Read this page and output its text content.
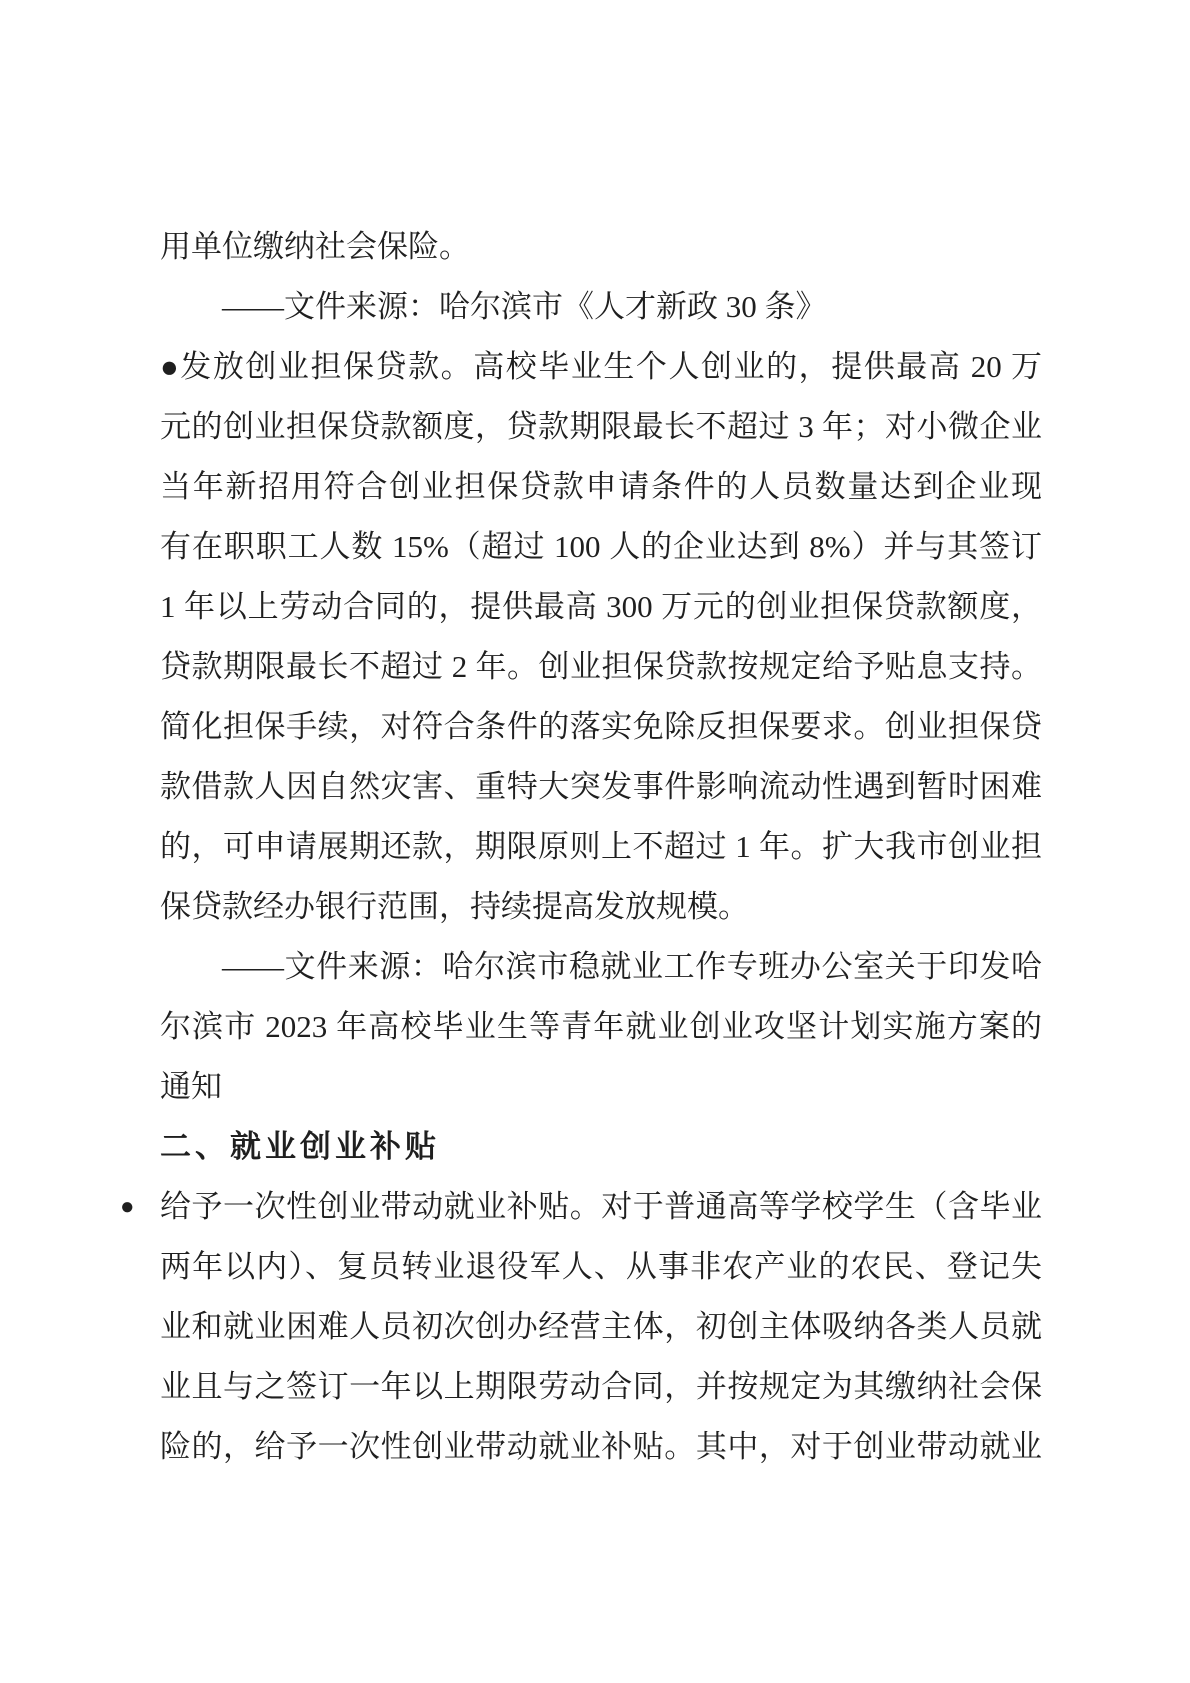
用单位缴纳社会保险。
——文件来源：哈尔滨市《人才新政 30 条》
●发放创业担保贷款。高校毕业生个人创业的，提供最高 20 万
元的创业担保贷款额度，贷款期限最长不超过 3 年；对小微企业
当年新招用符合创业担保贷款申请条件的人员数量达到企业现
有在职职工人数 15%（超过 100 人的企业达到 8%）并与其签订
1 年以上劳动合同的，提供最高 300 万元的创业担保贷款额度，
贷款期限最长不超过 2 年。创业担保贷款按规定给予贴息支持。
简化担保手续，对符合条件的落实免除反担保要求。创业担保贷
款借款人因自然灾害、重特大突发事件影响流动性遇到暂时困难
的，可申请展期还款，期限原则上不超过 1 年。扩大我市创业担
保贷款经办银行范围，持续提高发放规模。
——文件来源：哈尔滨市稳就业工作专班办公室关于印发哈
尔滨市 2023 年高校毕业生等青年就业创业攻坚计划实施方案的
通知
二、就业创业补贴
● 给予一次性创业带动就业补贴。对于普通高等学校学生（含毕业
两年以内）、复员转业退役军人、从事非农产业的农民、登记失
业和就业困难人员初次创办经营主体，初创主体吸纳各类人员就
业且与之签订一年以上期限劳动合同，并按规定为其缴纳社会保
险的，给予一次性创业带动就业补贴。其中，对于创业带动就业
